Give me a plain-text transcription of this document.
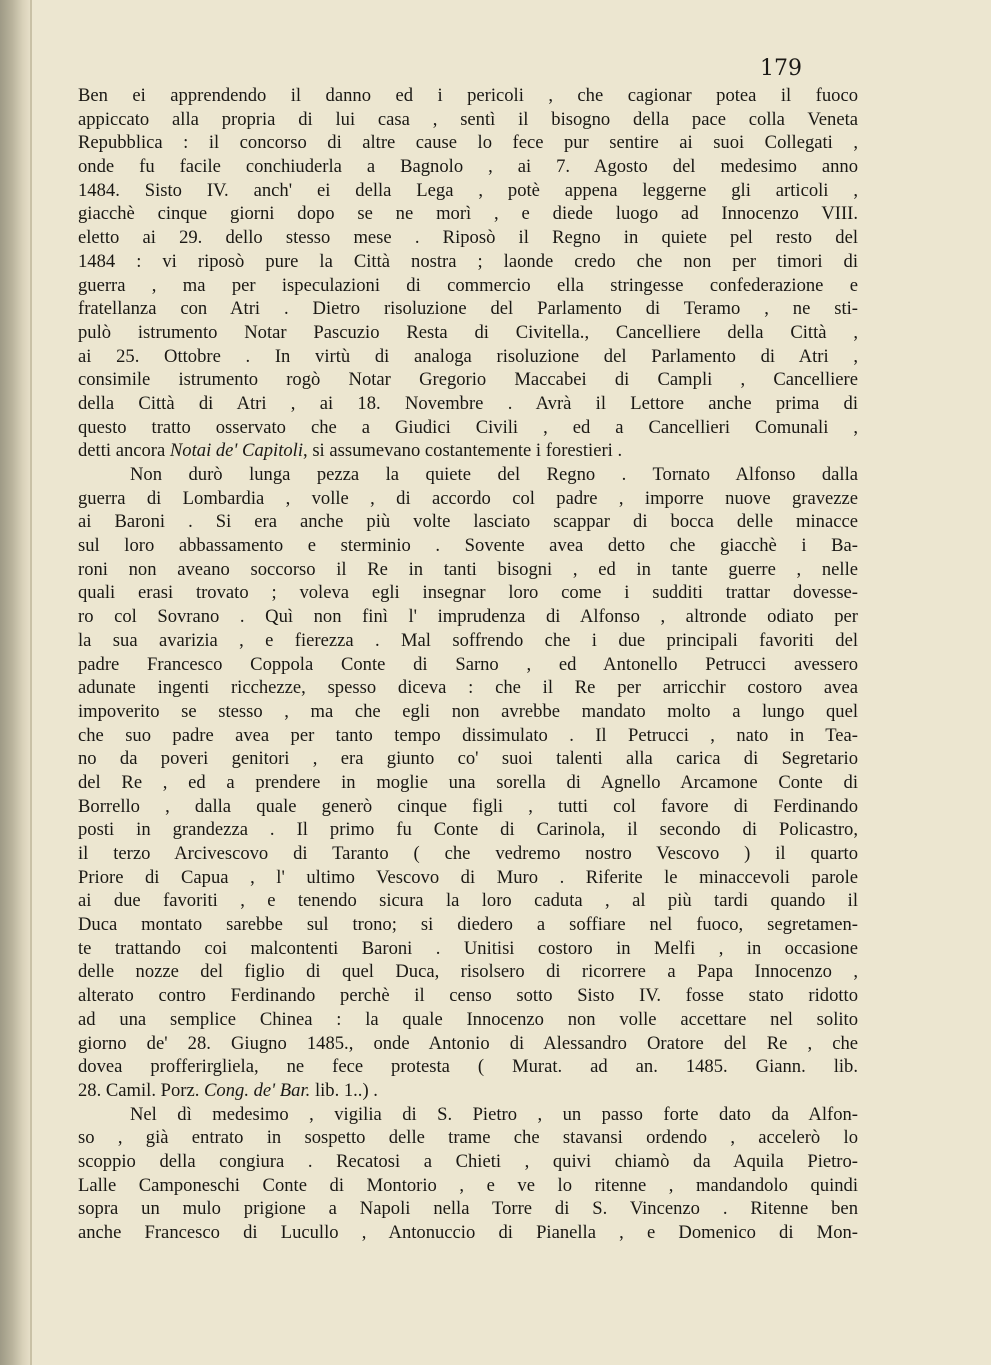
179
Ben ei apprendendo il danno ed i pericoli , che cagionar potea il fuoco
appiccato alla propria di lui casa , sentì il bisogno della pace colla Veneta
Repubblica : il concorso di altre cause lo fece pur sentire ai suoi Collegati ,
onde fu facile conchiuderla a Bagnolo , ai 7. Agosto del medesimo anno
1484. Sisto IV. anch' ei della Lega , potè appena leggerne gli articoli ,
giacchè cinque giorni dopo se ne morì , e diede luogo ad Innocenzo VIII.
eletto ai 29. dello stesso mese . Riposò il Regno in quiete pel resto del
1484 : vi riposò pure la Città nostra ; laonde credo che non per timori di
guerra , ma per ispeculazioni di commercio ella stringesse confederazione e
fratellanza con Atri . Dietro risoluzione del Parlamento di Teramo , ne sti-
pulò istrumento Notar Pascuzio Resta di Civitella., Cancelliere della Città ,
ai 25. Ottobre . In virtù di analoga risoluzione del Parlamento di Atri ,
consimile istrumento rogò Notar Gregorio Maccabei di Campli , Cancelliere
della Città di Atri , ai 18. Novembre . Avrà il Lettore anche prima di
questo tratto osservato che a Giudici Civili , ed a Cancellieri Comunali ,
detti ancora Notai de' Capitoli, si assumevano costantemente i forestieri .
Non durò lunga pezza la quiete del Regno . Tornato Alfonso dalla
guerra di Lombardia , volle , di accordo col padre , imporre nuove gravezze
ai Baroni . Si era anche più volte lasciato scappar di bocca delle minacce
sul loro abbassamento e sterminio . Sovente avea detto che giacchè i Ba-
roni non aveano soccorso il Re in tanti bisogni , ed in tante guerre , nelle
quali erasi trovato ; voleva egli insegnar loro come i sudditi trattar dovesse-
ro col Sovrano . Quì non finì l' imprudenza di Alfonso , altronde odiato per
la sua avarizia , e fierezza . Mal soffrendo che i due principali favoriti del
padre Francesco Coppola Conte di Sarno , ed Antonello Petrucci avessero
adunate ingenti ricchezze, spesso diceva : che il Re per arricchir costoro avea
impoverito se stesso , ma che egli non avrebbe mandato molto a lungo quel
che suo padre avea per tanto tempo dissimulato . Il Petrucci , nato in Tea-
no da poveri genitori , era giunto co' suoi talenti alla carica di Segretario
del Re , ed a prendere in moglie una sorella di Agnello Arcamone Conte di
Borrello , dalla quale generò cinque figli , tutti col favore di Ferdinando
posti in grandezza . Il primo fu Conte di Carinola, il secondo di Policastro,
il terzo Arcivescovo di Taranto ( che vedremo nostro Vescovo ) il quarto
Priore di Capua , l' ultimo Vescovo di Muro . Riferite le minaccevoli parole
ai due favoriti , e tenendo sicura la loro caduta , al più tardi quando il
Duca montato sarebbe sul trono; si diedero a soffiare nel fuoco, segretamen-
te trattando coi malcontenti Baroni . Unitisi costoro in Melfi , in occasione
delle nozze del figlio di quel Duca, risolsero di ricorrere a Papa Innocenzo ,
alterato contro Ferdinando perchè il censo sotto Sisto IV. fosse stato ridotto
ad una semplice Chinea : la quale Innocenzo non volle accettare nel solito
giorno de' 28. Giugno 1485., onde Antonio di Alessandro Oratore del Re , che
dovea profferirgliela, ne fece protesta ( Murat. ad an. 1485. Giann. lib.
28. Camil. Porz. Cong. de' Bar. lib. 1..) .
Nel dì medesimo , vigilia di S. Pietro , un passo forte dato da Alfon-
so , già entrato in sospetto delle trame che stavansi ordendo , accelerò lo
scoppio della congiura . Recatosi a Chieti , quivi chiamò da Aquila Pietro-
Lalle Camponeschi Conte di Montorio , e ve lo ritenne , mandandolo quindi
sopra un mulo prigione a Napoli nella Torre di S. Vincenzo . Ritenne ben
anche Francesco di Lucullo , Antonuccio di Pianella , e Domenico di Mon-
